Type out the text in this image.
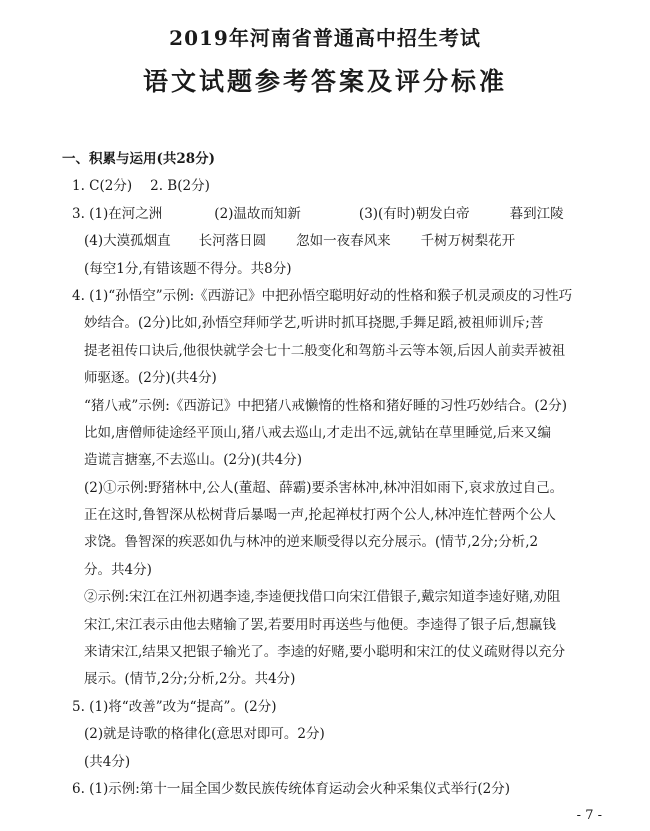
2019年河南省普通高中招生考试
语文试题参考答案及评分标准
一、积累与运用(共28分)
1. C(2分) 2. B(2分)
3. (1)在河之洲	(2)温故而知新	(3)(有时)朝发白帝	暮到江陵
(4)大漠孤烟直 长河落日圆 忽如一夜春风来 千树万树梨花开
(每空1分,有错该题不得分。共8分)
4. (1)“孙悟空”示例:《西游记》中把孙悟空聪明好动的性格和猴子机灵顽皮的习性巧
妙结合。(2分)比如,孙悟空拜师学艺,听讲时抓耳挠腮,手舞足蹈,被祖师训斥;菩
提老祖传口诀后,他很快就学会七十二般变化和驾筋斗云等本领,后因人前卖弄被祖
师驱逐。(2分)(共4分)
“猪八戒”示例:《西游记》中把猪八戒懒惰的性格和猪好睡的习性巧妙结合。(2分)
比如,唐僧师徒途经平顶山,猪八戒去巡山,才走出不远,就钻在草里睡觉,后来又编
造谎言搪塞,不去巡山。(2分)(共4分)
(2)①示例:野猪林中,公人(董超、薛霸)要杀害林冲,林冲泪如雨下,哀求放过自己。
正在这时,鲁智深从松树背后暴喝一声,抡起禅杖打两个公人,林冲连忙替两个公人
求饶。鲁智深的疾恶如仇与林冲的逆来顺受得以充分展示。(情节,2分;分析,2
分。共4分)
②示例:宋江在江州初遇李逵,李逵便找借口向宋江借银子,戴宗知道李逵好赌,劝阻
宋江,宋江表示由他去赌输了罢,若要用时再送些与他便。李逵得了银子后,想赢钱
来请宋江,结果又把银子输光了。李逵的好赌,要小聪明和宋江的仗义疏财得以充分
展示。(情节,2分;分析,2分。共4分)
5. (1)将“改善”改为“提高”。(2分)
(2)就是诗歌的格律化(意思对即可。2分)
(共4分)
6. (1)示例:第十一届全国少数民族传统体育运动会火种采集仪式举行(2分)
- 7 -
